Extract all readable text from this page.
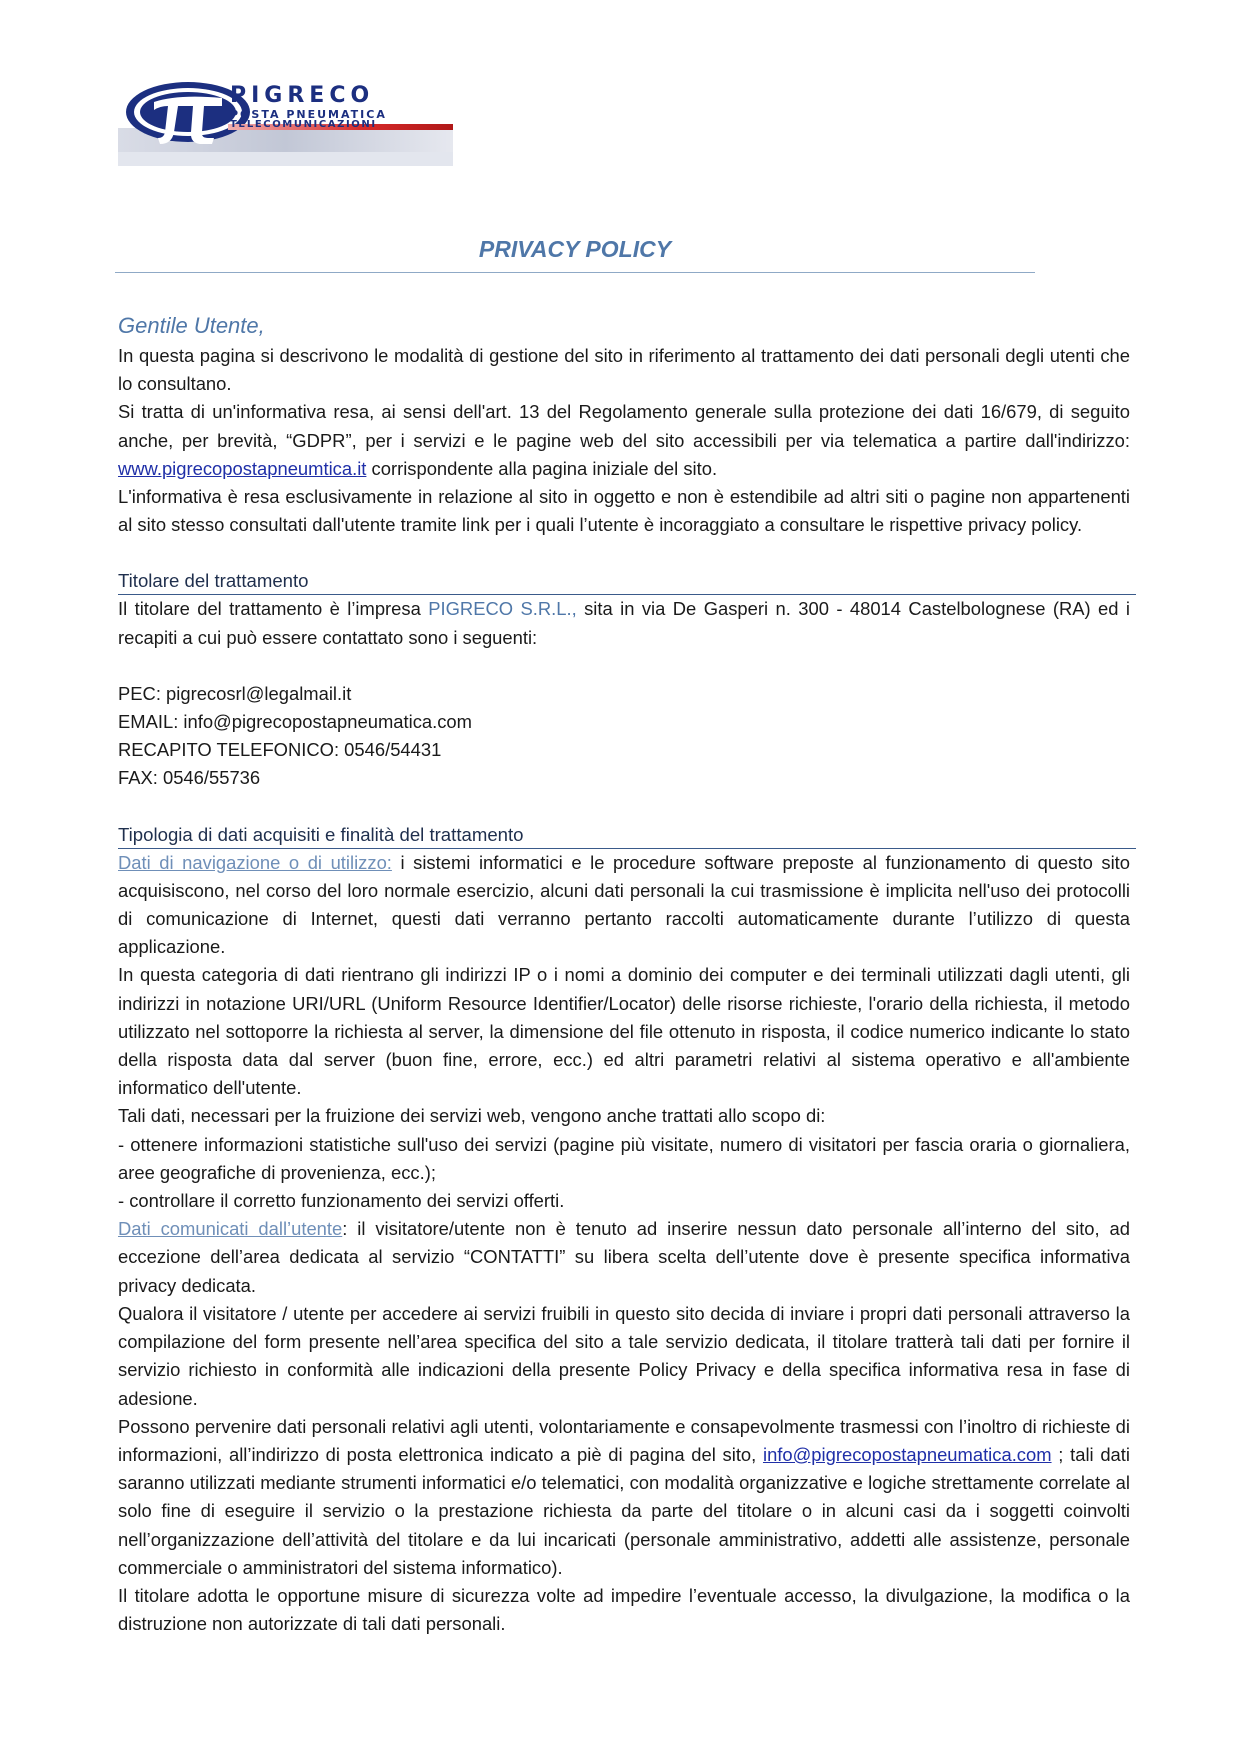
PIGRECO
POSTA PNEUMATICA
TELECOMUNICAZIONI
PRIVACY POLICY
Gentile Utente,

In questa pagina si descrivono le modalità di gestione del sito in riferimento al trattamento dei dati personali degli utenti che lo consultano.

Si tratta di un'informativa resa, ai sensi dell'art. 13 del Regolamento generale sulla protezione dei dati 16/679, di seguito anche, per brevità, “GDPR”, per i servizi e le pagine web del sito accessibili per via telematica a partire dall'indirizzo: www.pigrecopostapneumtica.it corrispondente alla pagina iniziale del sito.

L'informativa è resa esclusivamente in relazione al sito in oggetto e non è estendibile ad altri siti o pagine non appartenenti al sito stesso consultati dall'utente tramite link per i quali l’utente è incoraggiato a consultare le rispettive privacy policy.

Titolare del trattamento

Il titolare del trattamento è l’impresa PIGRECO S.R.L., sita in via De Gasperi n. 300 - 48014 Castelbolognese (RA) ed i recapiti a cui può essere contattato sono i seguenti:

PEC: pigrecosrl@legalmail.it

EMAIL: info@pigrecopostapneumatica.com

RECAPITO TELEFONICO: 0546/54431

FAX: 0546/55736

Tipologia di dati acquisiti e finalità del trattamento

Dati di navigazione o di utilizzo: i sistemi informatici e le procedure software preposte al funzionamento di questo sito acquisiscono, nel corso del loro normale esercizio, alcuni dati personali la cui trasmissione è implicita nell'uso dei protocolli di comunicazione di Internet, questi dati verranno pertanto raccolti automaticamente durante l’utilizzo di questa applicazione.

In questa categoria di dati rientrano gli indirizzi IP o i nomi a dominio dei computer e dei terminali utilizzati dagli utenti, gli indirizzi in notazione URI/URL (Uniform Resource Identifier/Locator) delle risorse richieste, l'orario della richiesta, il metodo utilizzato nel sottoporre la richiesta al server, la dimensione del file ottenuto in risposta, il codice numerico indicante lo stato della risposta data dal server (buon fine, errore, ecc.) ed altri parametri relativi al sistema operativo e all'ambiente informatico dell'utente.

Tali dati, necessari per la fruizione dei servizi web, vengono anche trattati allo scopo di:

- ottenere informazioni statistiche sull'uso dei servizi (pagine più visitate, numero di visitatori per fascia oraria o giornaliera, aree geografiche di provenienza, ecc.);

- controllare il corretto funzionamento dei servizi offerti.

Dati comunicati dall’utente: il visitatore/utente non è tenuto ad inserire nessun dato personale all’interno del sito, ad eccezione dell’area dedicata al servizio “CONTATTI” su libera scelta dell’utente dove è presente specifica informativa privacy dedicata.

Qualora il visitatore / utente per accedere ai servizi fruibili in questo sito decida di inviare i propri dati personali attraverso la compilazione del form presente nell’area specifica del sito a tale servizio dedicata, il titolare tratterà tali dati per fornire il servizio richiesto in conformità alle indicazioni della presente Policy Privacy e della specifica informativa resa in fase di adesione.

Possono pervenire dati personali relativi agli utenti, volontariamente e consapevolmente trasmessi con l’inoltro di richieste di informazioni, all’indirizzo di posta elettronica indicato a piè di pagina del sito, info@pigrecopostapneumatica.com ; tali dati saranno utilizzati mediante strumenti informatici e/o telematici, con modalità organizzative e logiche strettamente correlate al solo fine di eseguire il servizio o la prestazione richiesta da parte del titolare o in alcuni casi da i soggetti coinvolti nell’organizzazione dell’attività del titolare e da lui incaricati (personale amministrativo, addetti alle assistenze, personale commerciale o amministratori del sistema informatico).

Il titolare adotta le opportune misure di sicurezza volte ad impedire l’eventuale accesso, la divulgazione, la modifica o la distruzione non autorizzate di tali dati personali.
